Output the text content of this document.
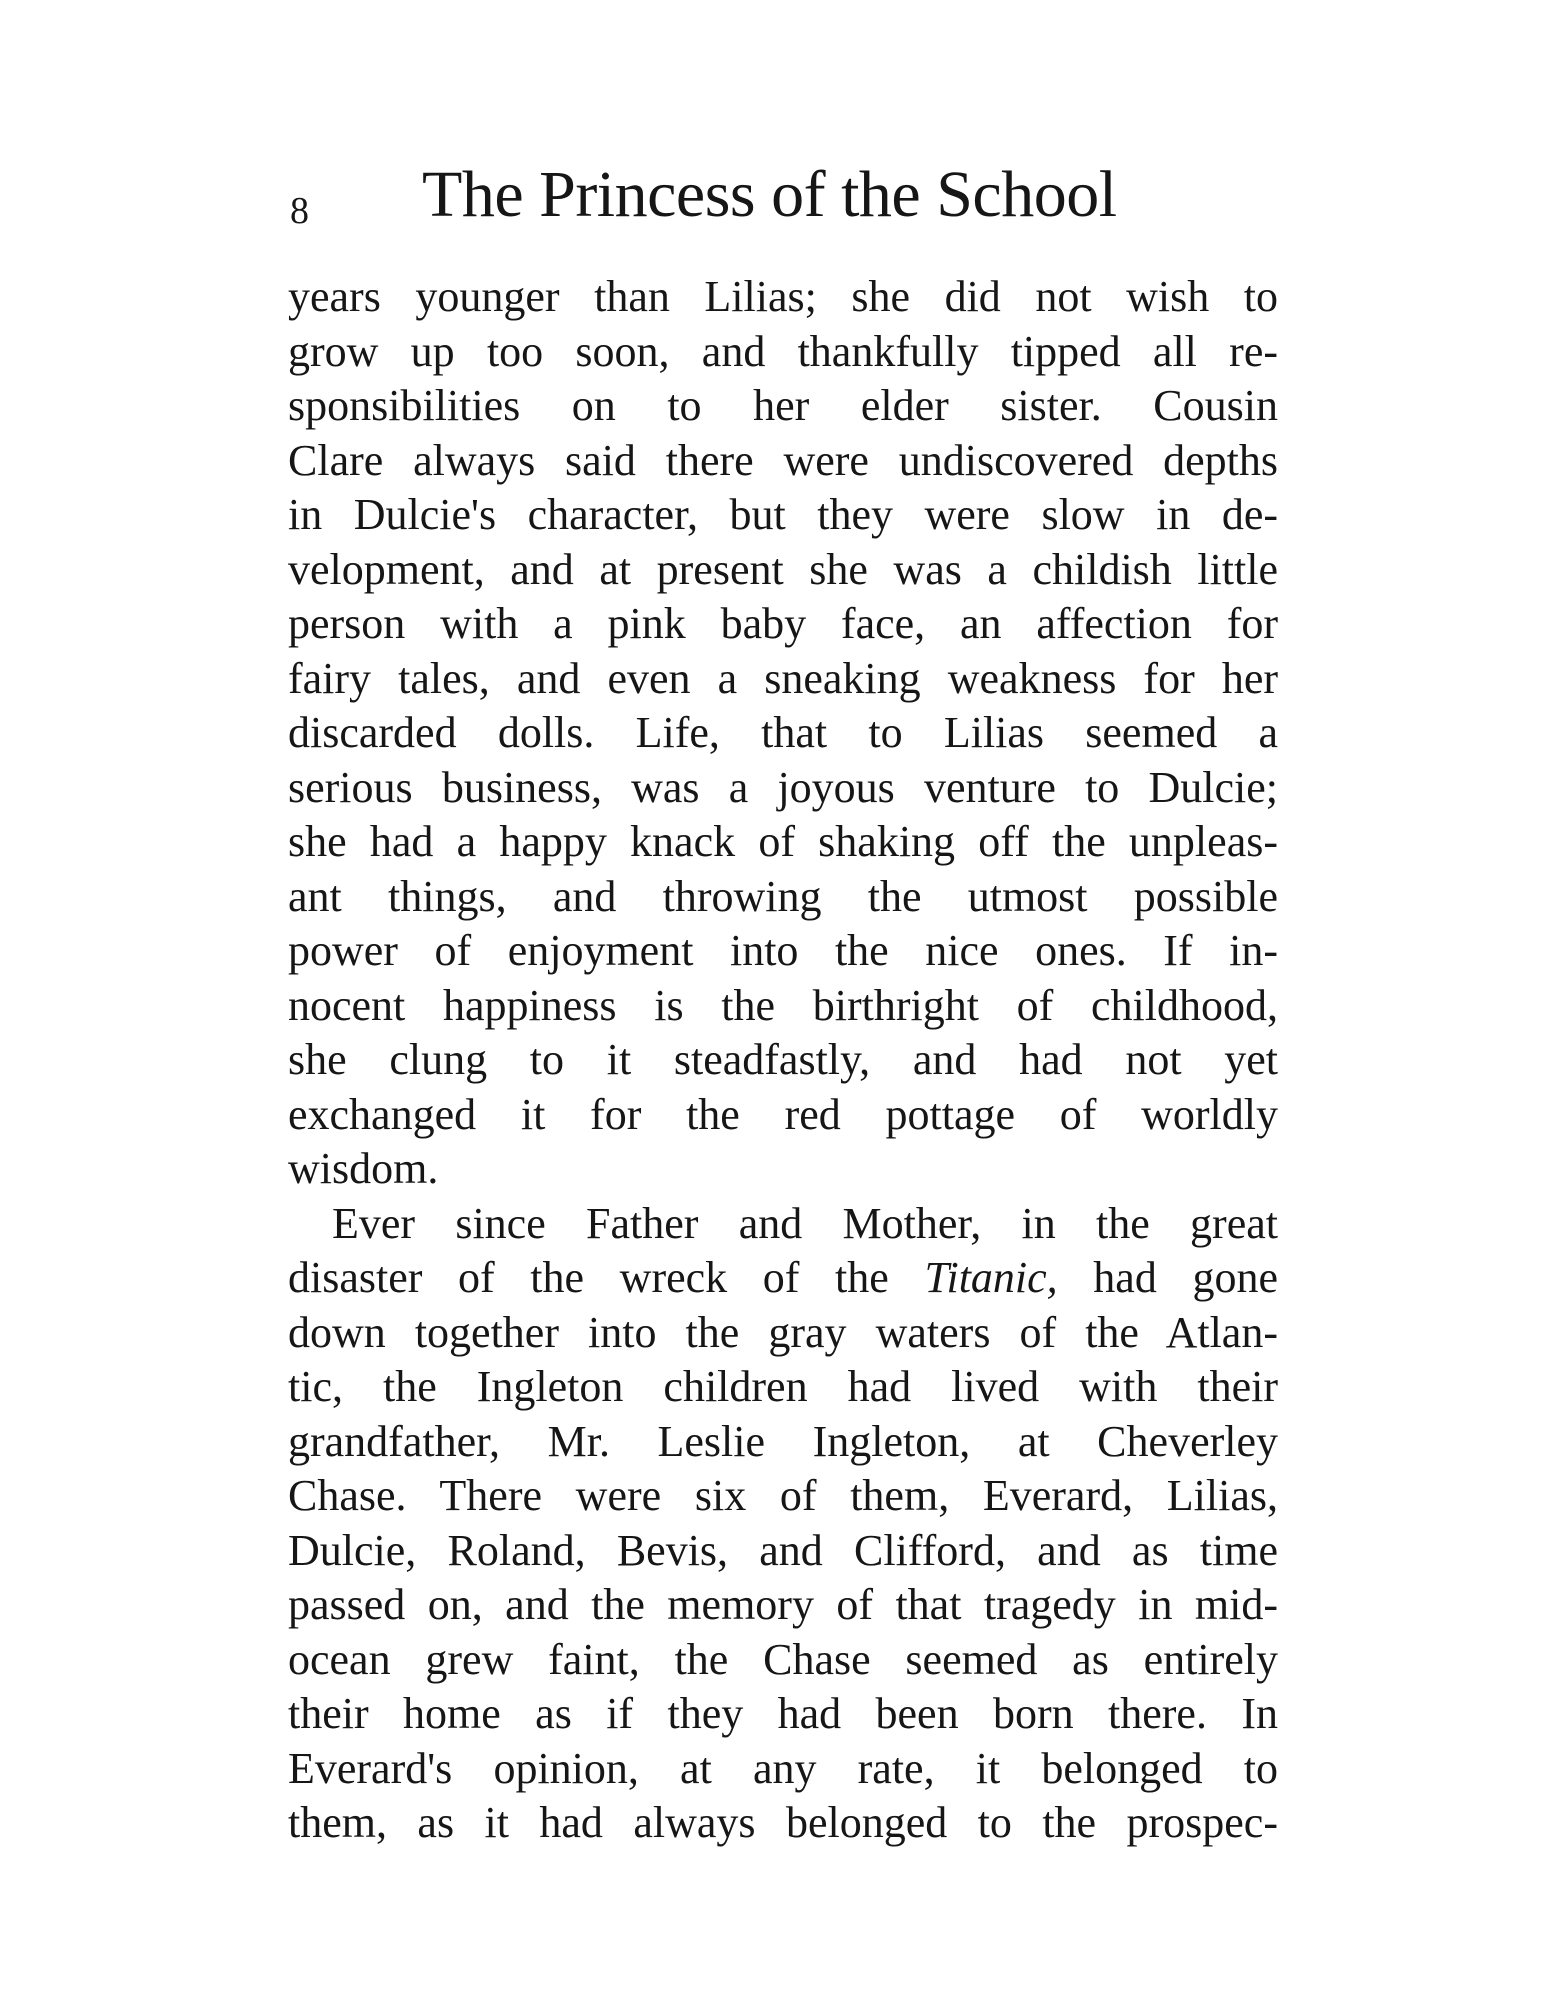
8 The Princess of the School
years younger than Lilias; she did not wish to
grow up too soon, and thankfully tipped all re-
sponsibilities on to her elder sister. Cousin
Clare always said there were undiscovered depths
in Dulcie's character, but they were slow in de-
velopment, and at present she was a childish little
person with a pink baby face, an affection for
fairy tales, and even a sneaking weakness for her
discarded dolls. Life, that to Lilias seemed a
serious business, was a joyous venture to Dulcie;
she had a happy knack of shaking off the unpleas-
ant things, and throwing the utmost possible
power of enjoyment into the nice ones. If in-
nocent happiness is the birthright of childhood,
she clung to it steadfastly, and had not yet
exchanged it for the red pottage of worldly
wisdom.
Ever since Father and Mother, in the great
disaster of the wreck of the Titanic, had gone
down together into the gray waters of the Atlan-
tic, the Ingleton children had lived with their
grandfather, Mr. Leslie Ingleton, at Cheverley
Chase. There were six of them, Everard, Lilias,
Dulcie, Roland, Bevis, and Clifford, and as time
passed on, and the memory of that tragedy in mid-
ocean grew faint, the Chase seemed as entirely
their home as if they had been born there. In
Everard's opinion, at any rate, it belonged to
them, as it had always belonged to the prospec-
